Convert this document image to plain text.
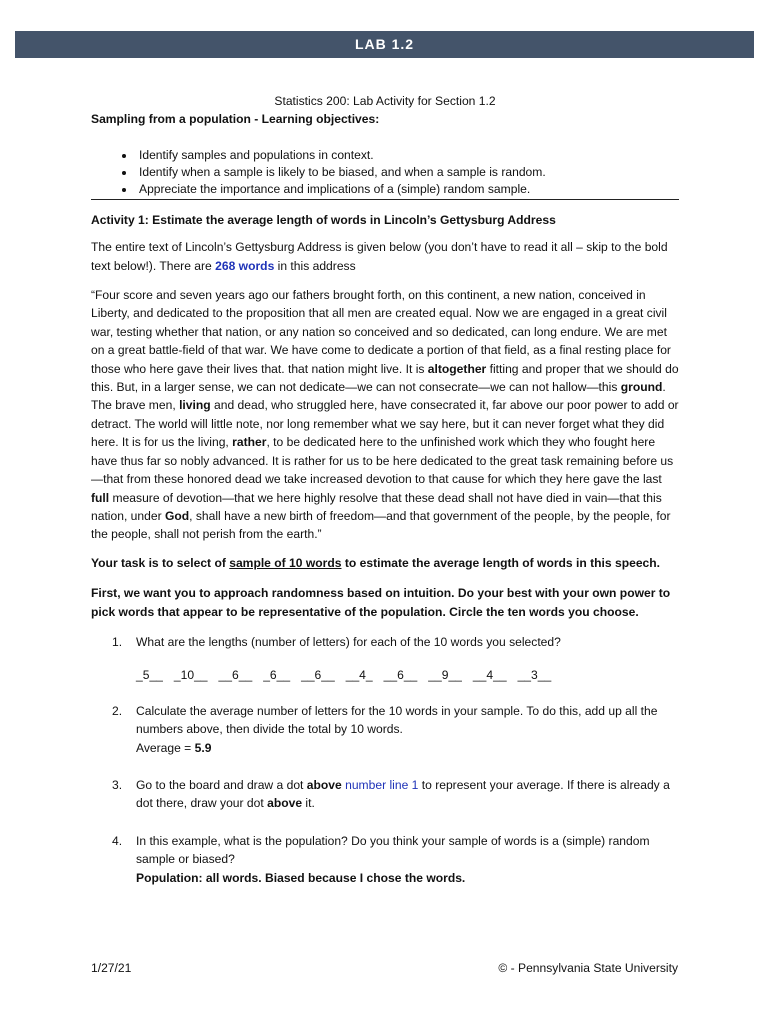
LAB 1.2
Statistics 200: Lab Activity for Section 1.2
Sampling from a population - Learning objectives:
• Identify samples and populations in context.
• Identify when a sample is likely to be biased, and when a sample is random.
• Appreciate the importance and implications of a (simple) random sample.
Activity 1: Estimate the average length of words in Lincoln’s Gettysburg Address

The entire text of Lincoln’s Gettysburg Address is given below (you don’t have to read it all – skip to the bold text below!). There are 268 words in this address

“Four score and seven years ago our fathers brought forth, on this continent, a new nation, conceived in Liberty, and dedicated to the proposition that all men are created equal. Now we are engaged in a great civil war, testing whether that nation, or any nation so conceived and so dedicated, can long endure. We are met on a great battle-field of that war. We have come to dedicate a portion of that field, as a final resting place for those who here gave their lives that. that nation might live. It is altogether fitting and proper that we should do this. But, in a larger sense, we can not dedicate—we can not consecrate—we can not hallow—this ground. The brave men, living and dead, who struggled here, have consecrated it, far above our poor power to add or detract. The world will little note, nor long remember what we say here, but it can never forget what they did here. It is for us the living, rather, to be dedicated here to the unfinished work which they who fought here have thus far so nobly advanced. It is rather for us to be here dedicated to the great task remaining before us—that from these honored dead we take increased devotion to that cause for which they here gave the last full measure of devotion—that we here highly resolve that these dead shall not have died in vain—that this nation, under God, shall have a new birth of freedom—and that government of the people, by the people, for the people, shall not perish from the earth.”

Your task is to select of sample of 10 words to estimate the average length of words in this speech.

First, we want you to approach randomness based on intuition. Do your best with your own power to pick words that appear to be representative of the population. Circle the ten words you choose.

1. What are the lengths (number of letters) for each of the 10 words you selected?
_5__ _10__ __6__ _6__ __6__ __4_ __6__ __9__ __4__ __3__
2. Calculate the average number of letters for the 10 words in your sample. To do this, add up all the numbers above, then divide the total by 10 words.
Average = 5.9
3. Go to the board and draw a dot above number line 1 to represent your average. If there is already a dot there, draw your dot above it.
4. In this example, what is the population? Do you think your sample of words is a (simple) random sample or biased?
Population: all words. Biased because I chose the words.
1/27/21	© - Pennsylvania State University
